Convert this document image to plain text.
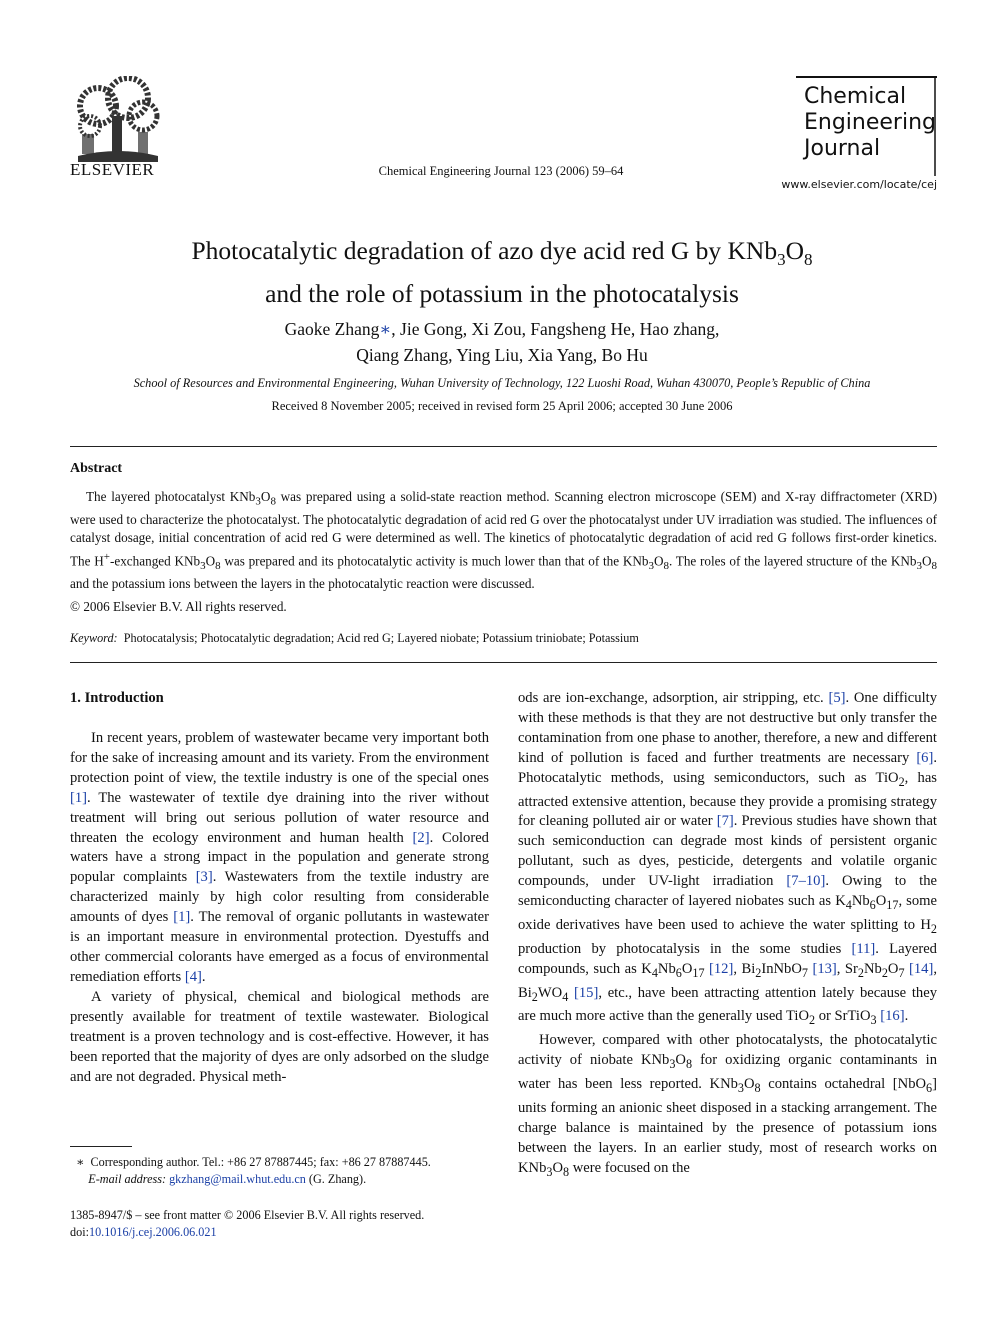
ELSEVIER	Chemical Engineering Journal 123 (2006) 59–64
Chemical
Engineering
Journal
www.elsevier.com/locate/cej
Photocatalytic degradation of azo dye acid red G by $KNb_3O_8$
and the role of potassium in the photocatalysis
Gaoke Zhang∗, Jie Gong, Xi Zou, Fangsheng He, Hao zhang,
Qiang Zhang, Ying Liu, Xia Yang, Bo Hu
School of Resources and Environmental Engineering, Wuhan University of Technology, 122 Luoshi Road, Wuhan 430070, People’s Republic of China
Received 8 November 2005; received in revised form 25 April 2006; accepted 30 June 2006
Abstract
The layered photocatalyst $KNb_3O_8$ was prepared using a solid-state reaction method. Scanning electron microscope (SEM) and X-ray diffractometer (XRD) were used to characterize the photocatalyst. The photocatalytic degradation of acid red G over the photocatalyst under UV irradiation was studied. The influences of catalyst dosage, initial concentration of acid red G were determined as well. The kinetics of photocatalytic degradation of acid red G follows first-order kinetics. The H+-exchanged $KNb_3O_8$ was prepared and its photocatalytic activity is much lower than that of the $KNb_3O_8$. The roles of the layered structure of the $KNb_3O_8$ and the potassium ions between the layers in the photocatalytic reaction were discussed.
© 2006 Elsevier B.V. All rights reserved.
Keyword: Photocatalysis; Photocatalytic degradation; Acid red G; Layered niobate; Potassium triniobate; Potassium
1. Introduction

In recent years, problem of wastewater became very important both for the sake of increasing amount and its variety. From the environment protection point of view, the textile industry is one of the special ones [1]. The wastewater of textile dye draining into the river without treatment will bring out serious pollution of water resource and threaten the ecology environment and human health [2]. Colored waters have a strong impact in the population and generate strong popular complaints [3]. Wastewaters from the textile industry are characterized mainly by high color resulting from considerable amounts of dyes [1]. The removal of organic pollutants in wastewater is an important measure in environmental protection. Dyestuffs and other commercial colorants have emerged as a focus of environmental remediation efforts [4].

A variety of physical, chemical and biological methods are presently available for treatment of textile wastewater. Biological treatment is a proven technology and is cost-effective. However, it has been reported that the majority of dyes are only adsorbed on the sludge and are not degraded. Physical meth-

ods are ion-exchange, adsorption, air stripping, etc. [5]. One difficulty with these methods is that they are not destructive but only transfer the contamination from one phase to another, therefore, a new and different kind of pollution is faced and further treatments are necessary [6]. Photocatalytic methods, using semiconductors, such as TiO$_2$, has attracted extensive attention, because they provide a promising strategy for cleaning polluted air or water [7]. Previous studies have shown that such semiconduction can degrade most kinds of persistent organic pollutant, such as dyes, pesticide, detergents and volatile organic compounds, under UV-light irradiation [7–10]. Owing to the semiconducting character of layered niobates such as $K_4Nb_6O_{17}$, some oxide derivatives have been used to achieve the water splitting to $H_2$ production by photocatalysis in the some studies [11]. Layered compounds, such as $K_4Nb_6O_{17}$ [12], $Bi_2InNbO_7$ [13], $Sr_2Nb_2O_7$ [14], $Bi_2WO_4$ [15], etc., have been attracting attention lately because they are much more active than the generally used TiO$_2$ or SrTiO$_3$ [16].

However, compared with other photocatalysts, the photocatalytic activity of niobate $KNb_3O_8$ for oxidizing organic contaminants in water has been less reported. $KNb_3O_8$ contains octahedral [NbO$_6$] units forming an anionic sheet disposed in a stacking arrangement. The charge balance is maintained by the presence of potassium ions between the layers. In an earlier study, most of research works on $KNb_3O_8$ were focused on the

∗ Corresponding author. Tel.: +86 27 87887445; fax: +86 27 87887445.
E-mail address: gkzhang@mail.whut.edu.cn (G. Zhang).
1385-8947/$ – see front matter © 2006 Elsevier B.V. All rights reserved.
doi:10.1016/j.cej.2006.06.021
